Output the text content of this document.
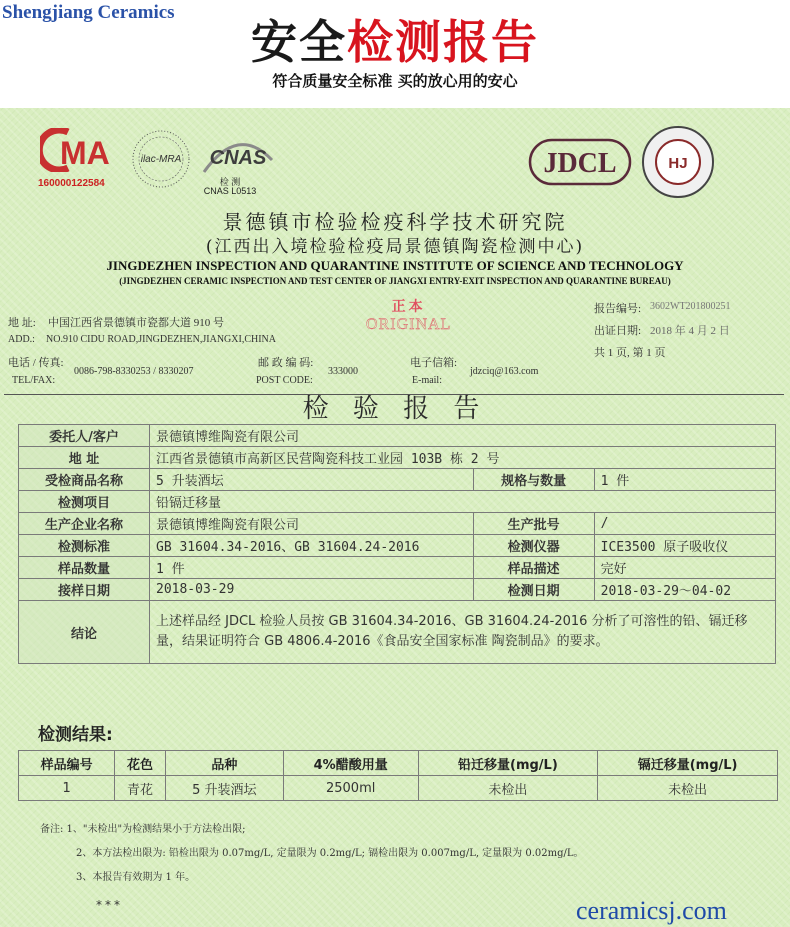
Shengjiang Ceramics
安全检测报告
符合质量安全标准 买的放心用的安心
MA
160000122584
ilac-MRA CNAS
检 测
CNAS L0513
JDCL	HJ
景德镇市检验检疫科学技术研究院
(江西出入境检验检疫局景德镇陶瓷检测中心)
JINGDEZHEN INSPECTION AND QUARANTINE INSTITUTE OF SCIENCE AND TECHNOLOGY
(JINGDEZHEN CERAMIC INSPECTION AND TEST CENTER OF JIANGXI ENTRY-EXIT INSPECTION AND QUARANTINE BUREAU)
地 址: 中国江西省景德镇市瓷都大道 910 号
ADD.: NO.910 CIDU ROAD,JINGDEZHEN,JIANGXI,CHINA
电话 / 传真:
TEL/FAX:
0086-798-8330253 / 8330207
邮 政 编 码:
POST CODE:
333000
电子信箱:
E-mail:
jdzciq@163.com
正本
ORIGINAL
报告编号: 3602WT201800251
出证日期: 2018 年 4 月 2 日
共 1 页, 第 1 页
检 验 报 告
委托人/客户	景德镇博维陶瓷有限公司		
地 址	江西省景德镇市高新区民营陶瓷科技工业园 103B 栋 2 号		
受检商品名称	5 升装酒坛	规格与数量	1 件
检测项目	铅镉迁移量		
生产企业名称	景德镇博维陶瓷有限公司	生产批号	/
检测标准	GB 31604.34-2016、GB 31604.24-2016	检测仪器	ICE3500 原子吸收仪
样品数量	1 件	样品描述	完好
接样日期	2018-03-29	检测日期	2018-03-29～04-02
结论	上述样品经 JDCL 检验人员按 GB 31604.34-2016、GB 31604.24-2016 分析了可溶性的铅、镉迁移量，结果证明符合 GB 4806.4-2016《食品安全国家标准 陶瓷制品》的要求。		
检测结果:
样品编号	花色	品种	4%醋酸用量	铅迁移量(mg/L)	镉迁移量(mg/L)
1	青花	5 升装酒坛	2500ml	未检出	未检出
备注: 1、"未检出"为检测结果小于方法检出限;
2、本方法检出限为: 铅检出限为 0.07mg/L, 定量限为 0.2mg/L; 镉检出限为 0.007mg/L, 定量限为 0.02mg/L。
3、本报告有效期为 1 年。
***	ceramicsj.com
